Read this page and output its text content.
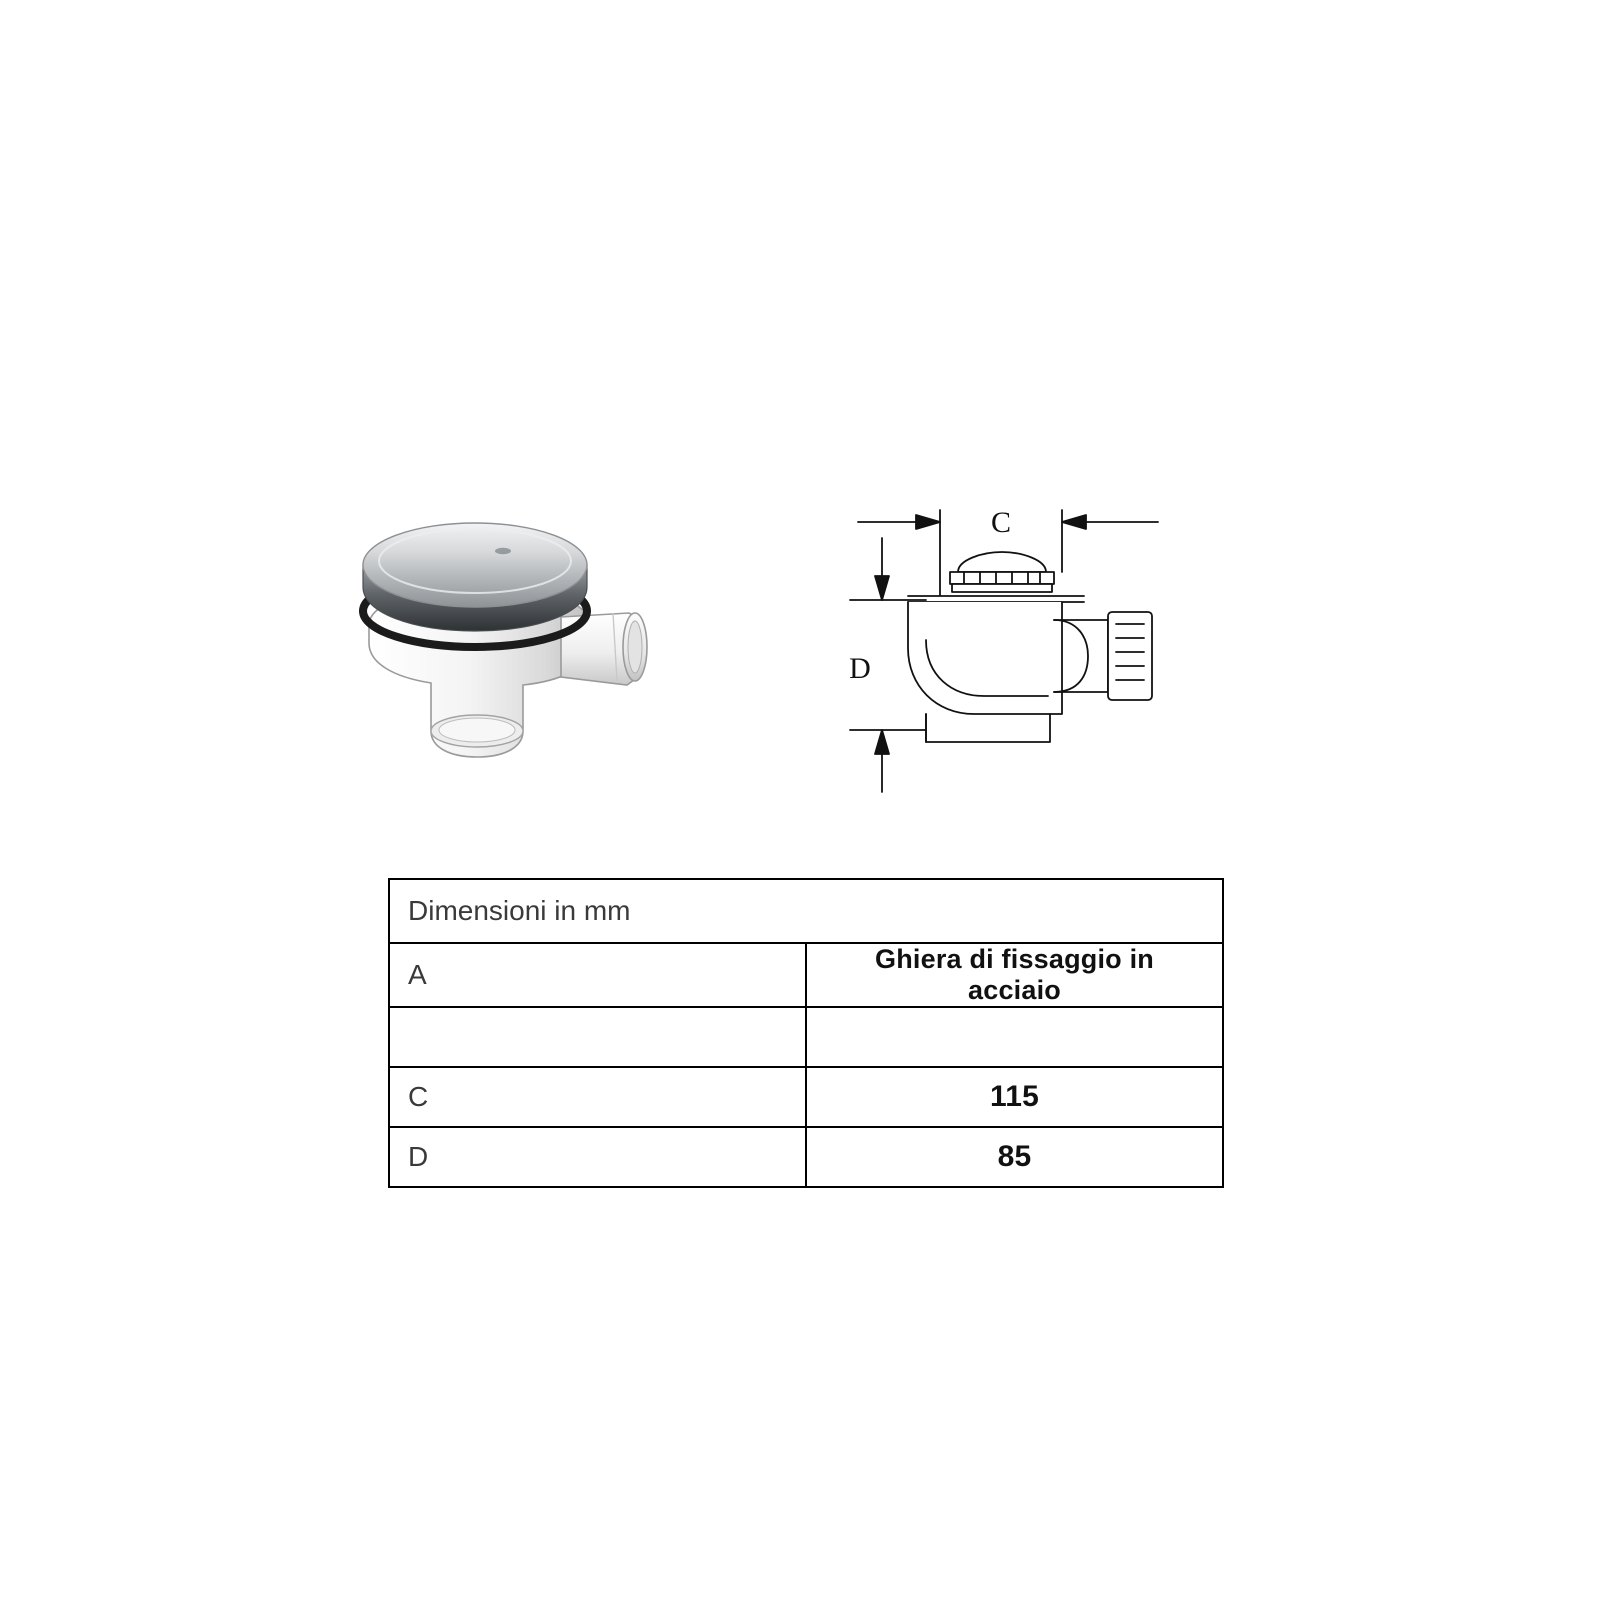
C
D
Dimensioni in mm	
A	Ghiera di fissaggio in acciaio

C	115
D	85
